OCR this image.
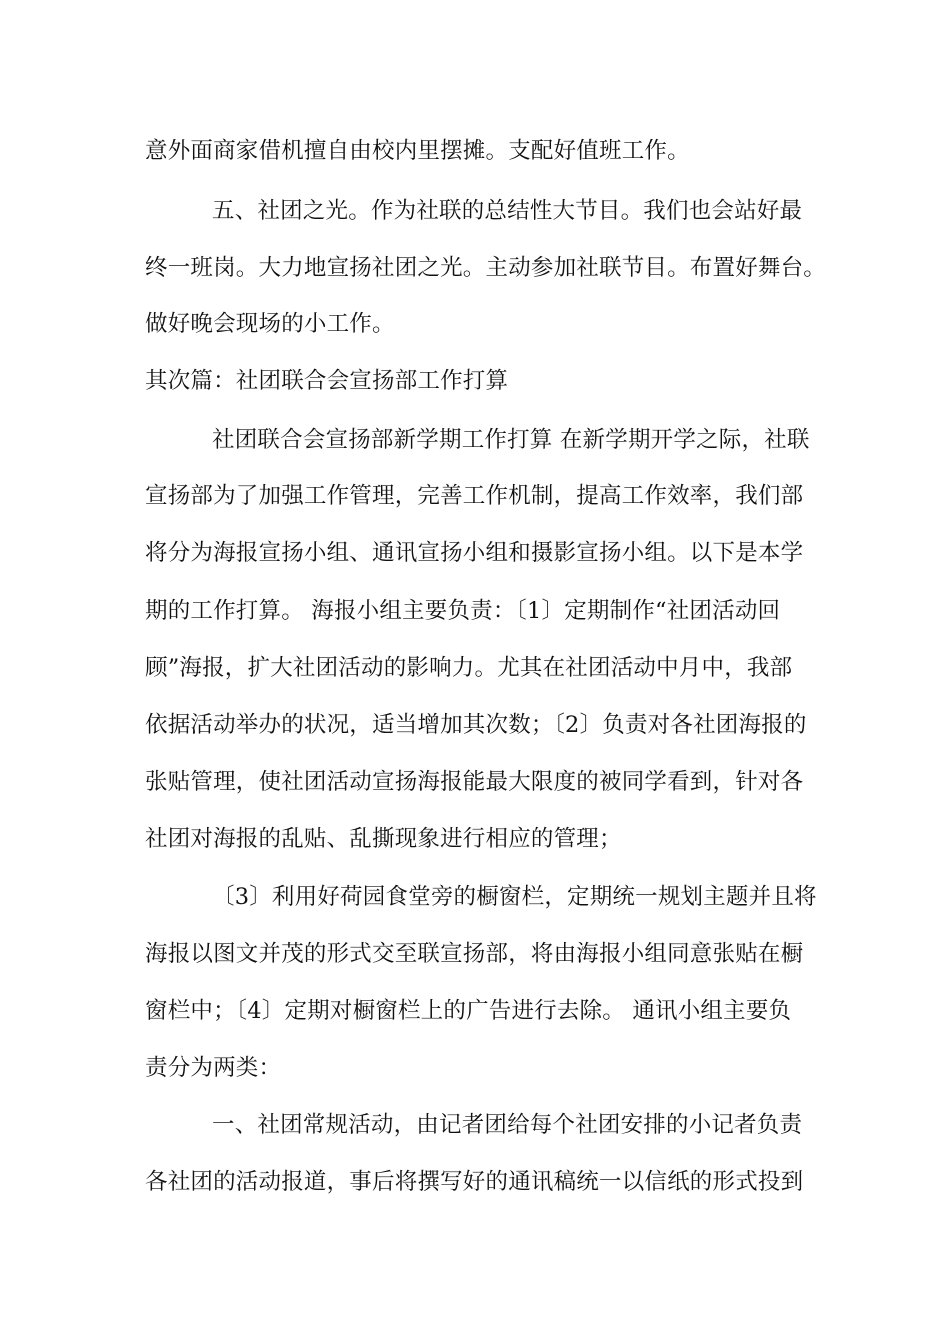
意外面商家借机擅自由校内里摆摊。支配好值班工作。
五、社团之光。作为社联的总结性大节目。我们也会站好最
终一班岗。大力地宣扬社团之光。主动参加社联节目。布置好舞台。
做好晚会现场的小工作。
其次篇：社团联合会宣扬部工作打算
社团联合会宣扬部新学期工作打算 在新学期开学之际，社联
宣扬部为了加强工作管理，完善工作机制，提高工作效率，我们部
将分为海报宣扬小组、通讯宣扬小组和摄影宣扬小组。以下是本学
期的工作打算。 海报小组主要负责：〔1〕定期制作“社团活动回
顾”海报，扩大社团活动的影响力。尤其在社团活动中月中，我部
依据活动举办的状况，适当增加其次数；〔2〕负责对各社团海报的
张贴管理，使社团活动宣扬海报能最大限度的被同学看到，针对各
社团对海报的乱贴、乱撕现象进行相应的管理；
〔3〕利用好荷园食堂旁的橱窗栏，定期统一规划主题并且将
海报以图文并茂的形式交至联宣扬部，将由海报小组同意张贴在橱
窗栏中；〔4〕定期对橱窗栏上的广告进行去除。 通讯小组主要负
责分为两类：
一、社团常规活动，由记者团给每个社团安排的小记者负责
各社团的活动报道，事后将撰写好的通讯稿统一以信纸的形式投到
